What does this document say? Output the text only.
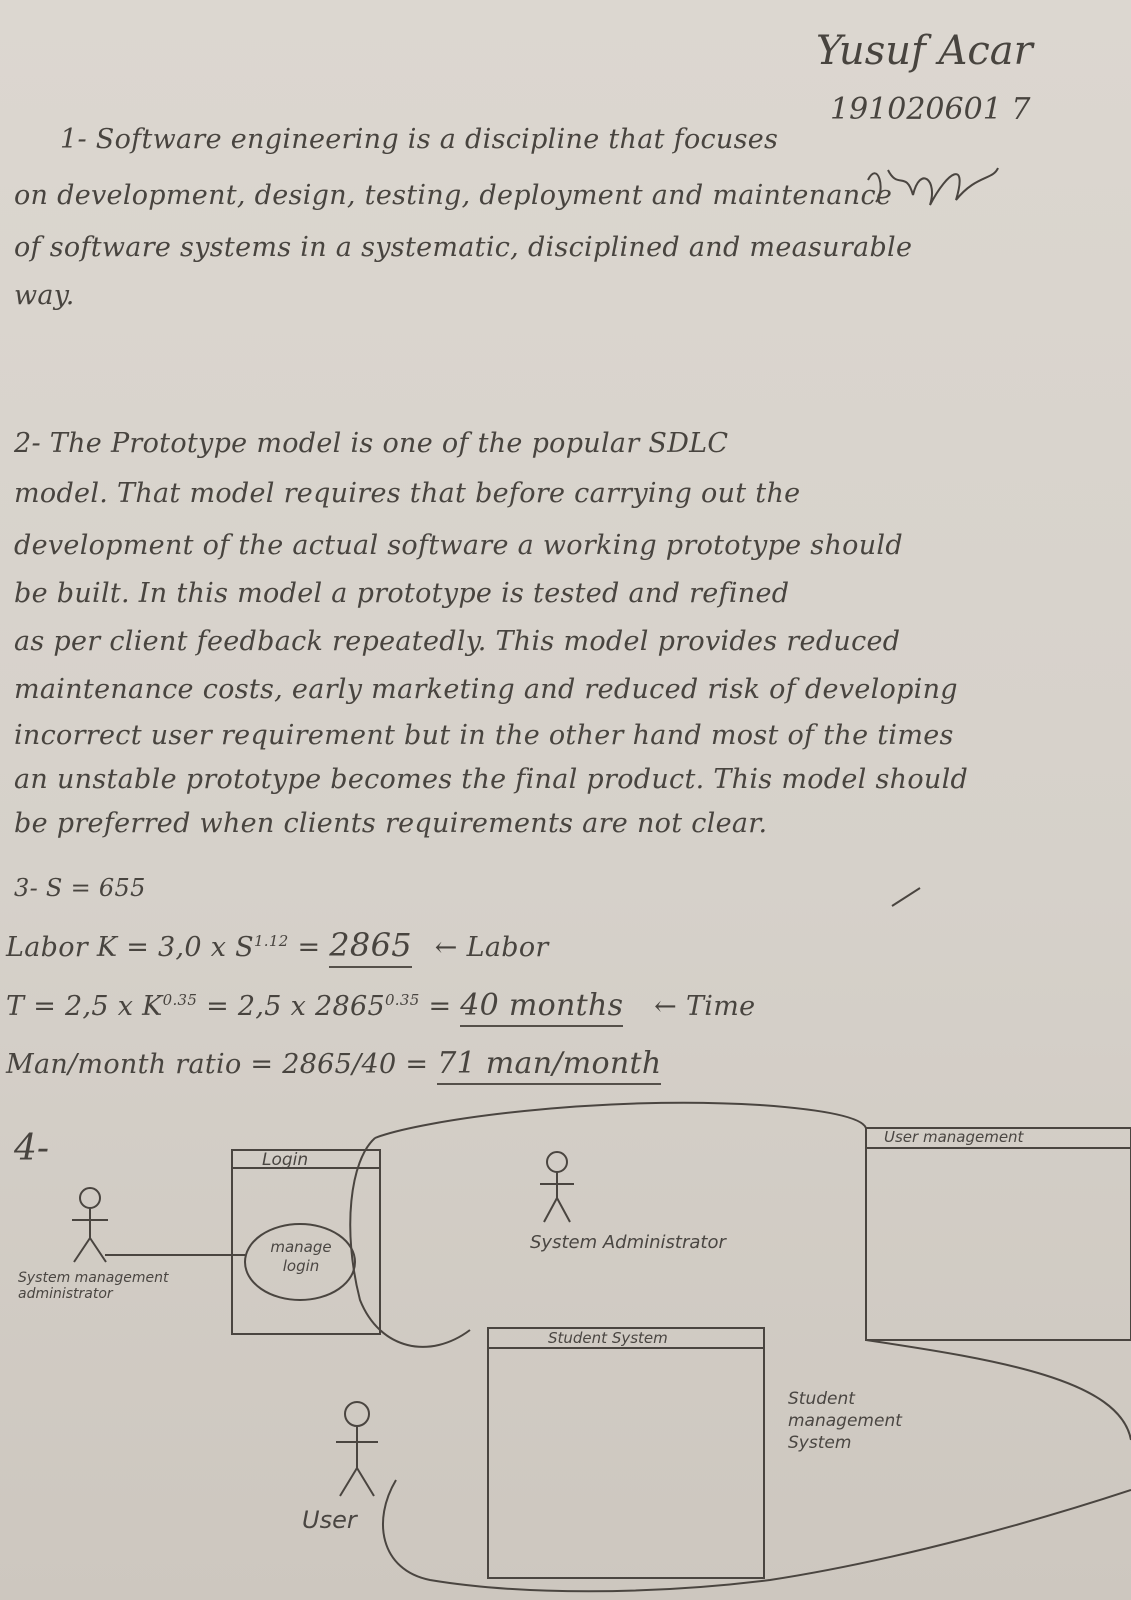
Yusuf Acar
191020601 7
1- Software engineering is a discipline that focuses
on development, design, testing, deployment and maintenance
of software systems in a systematic, disciplined and measurable
way.
2- The Prototype model is one of the popular SDLC
model. That model requires that before carrying out the
development of the actual software a working prototype should
be built. In this model a prototype is tested and refined
as per client feedback repeatedly. This model provides reduced
maintenance costs, early marketing and reduced risk of developing
incorrect user requirement but in the other hand most of the times
an unstable prototype becomes the final product. This model should
be preferred when clients requirements are not clear.
3- S = 655
Labor K = 3,0 x $S^{1.12} = 2865$ ← Labor
T = 2,5 x $K^{0.35} = 2,5$ x $2865^{0.35} = 40$ months ← Time
Man/month ratio = 2865/40 = 71 man/month
4-	Login
manage login
System management administrator
System Administrator
User management
Student System
Student management System
User
